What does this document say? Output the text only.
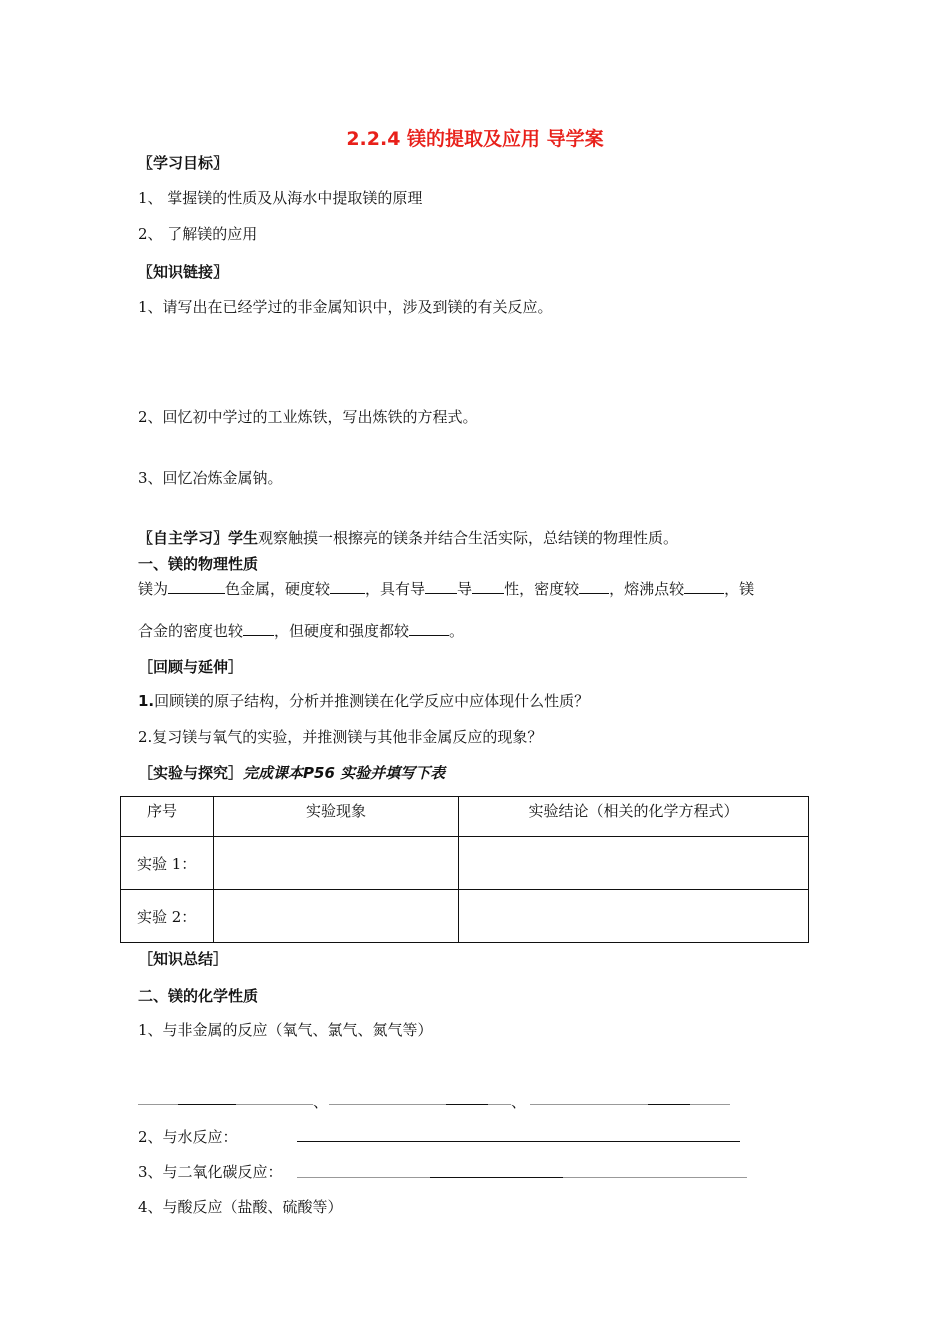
2.2.4 镁的提取及应用 导学案
〖学习目标〗
1、 掌握镁的性质及从海水中提取镁的原理
2、 了解镁的应用
〖知识链接〗
1、请写出在已经学过的非金属知识中，涉及到镁的有关反应。
2、回忆初中学过的工业炼铁，写出炼铁的方程式。
3、回忆冶炼金属钠。
〖自主学习〗学生观察触摸一根擦亮的镁条并结合生活实际，总结镁的物理性质。
一、镁的物理性质
镁为	色金属，硬度较 ，具有导 导 性，密度较 ，熔沸点较	，镁
合金的密度也较 ，但硬度和强度都较	。
［回顾与延伸］
1.回顾镁的原子结构，分析并推测镁在化学反应中应体现什么性质？
2.复习镁与氧气的实验，并推测镁与其他非金属反应的现象？
［实验与探究］完成课本P56 实验并填写下表
序号	实验现象	实验结论（相关的化学方程式）
实验 1：		
实验 2：		
［知识总结］
二、镁的化学性质
1、与非金属的反应（氧气、氯气、氮气等）
、	、
2、与水反应：
3、与二氧化碳反应：
4、与酸反应（盐酸、硫酸等）
